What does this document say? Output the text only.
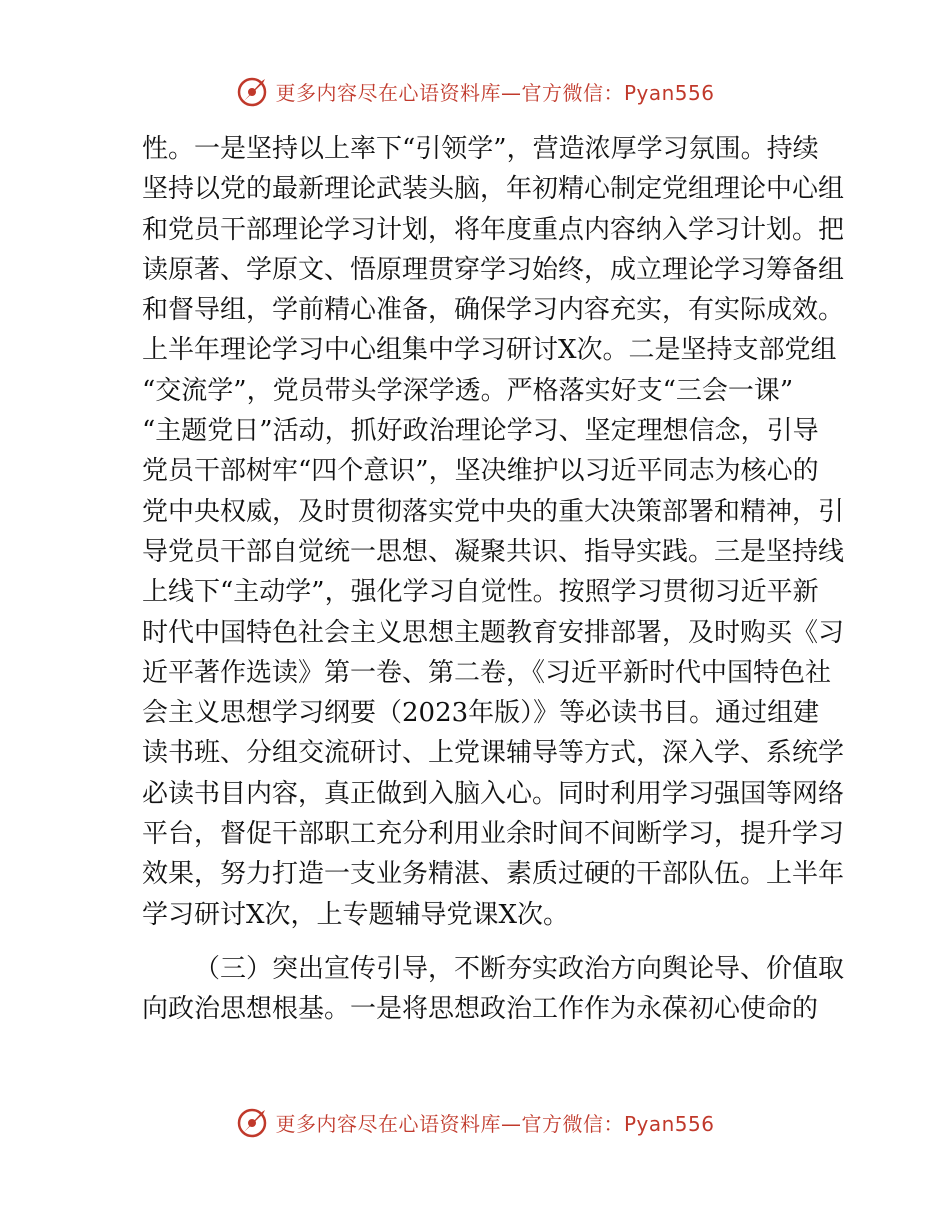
更多内容尽在心语资料库—官方微信：Pyan556
性。一是坚持以上率下“引领学”，营造浓厚学习氛围。持续
坚持以党的最新理论武装头脑，年初精心制定党组理论中心组
和党员干部理论学习计划，将年度重点内容纳入学习计划。把
读原著、学原文、悟原理贯穿学习始终，成立理论学习筹备组
和督导组，学前精心准备，确保学习内容充实，有实际成效。
上半年理论学习中心组集中学习研讨X次。二是坚持支部党组
“交流学”，党员带头学深学透。严格落实好支“三会一课”
“主题党日”活动，抓好政治理论学习、坚定理想信念，引导
党员干部树牢“四个意识”，坚决维护以习近平同志为核心的
党中央权威，及时贯彻落实党中央的重大决策部署和精神，引
导党员干部自觉统一思想、凝聚共识、指导实践。三是坚持线
上线下“主动学”，强化学习自觉性。按照学习贯彻习近平新
时代中国特色社会主义思想主题教育安排部署，及时购买《习
近平著作选读》第一卷、第二卷，《习近平新时代中国特色社
会主义思想学习纲要（2023年版）》等必读书目。通过组建
读书班、分组交流研讨、上党课辅导等方式，深入学、系统学
必读书目内容，真正做到入脑入心。同时利用学习强国等网络
平台，督促干部职工充分利用业余时间不间断学习，提升学习
效果，努力打造一支业务精湛、素质过硬的干部队伍。上半年
学习研讨X次，上专题辅导党课X次。
（三）突出宣传引导，不断夯实政治方向舆论导、价值取
向政治思想根基。一是将思想政治工作作为永葆初心使命的
更多内容尽在心语资料库—官方微信：Pyan556
